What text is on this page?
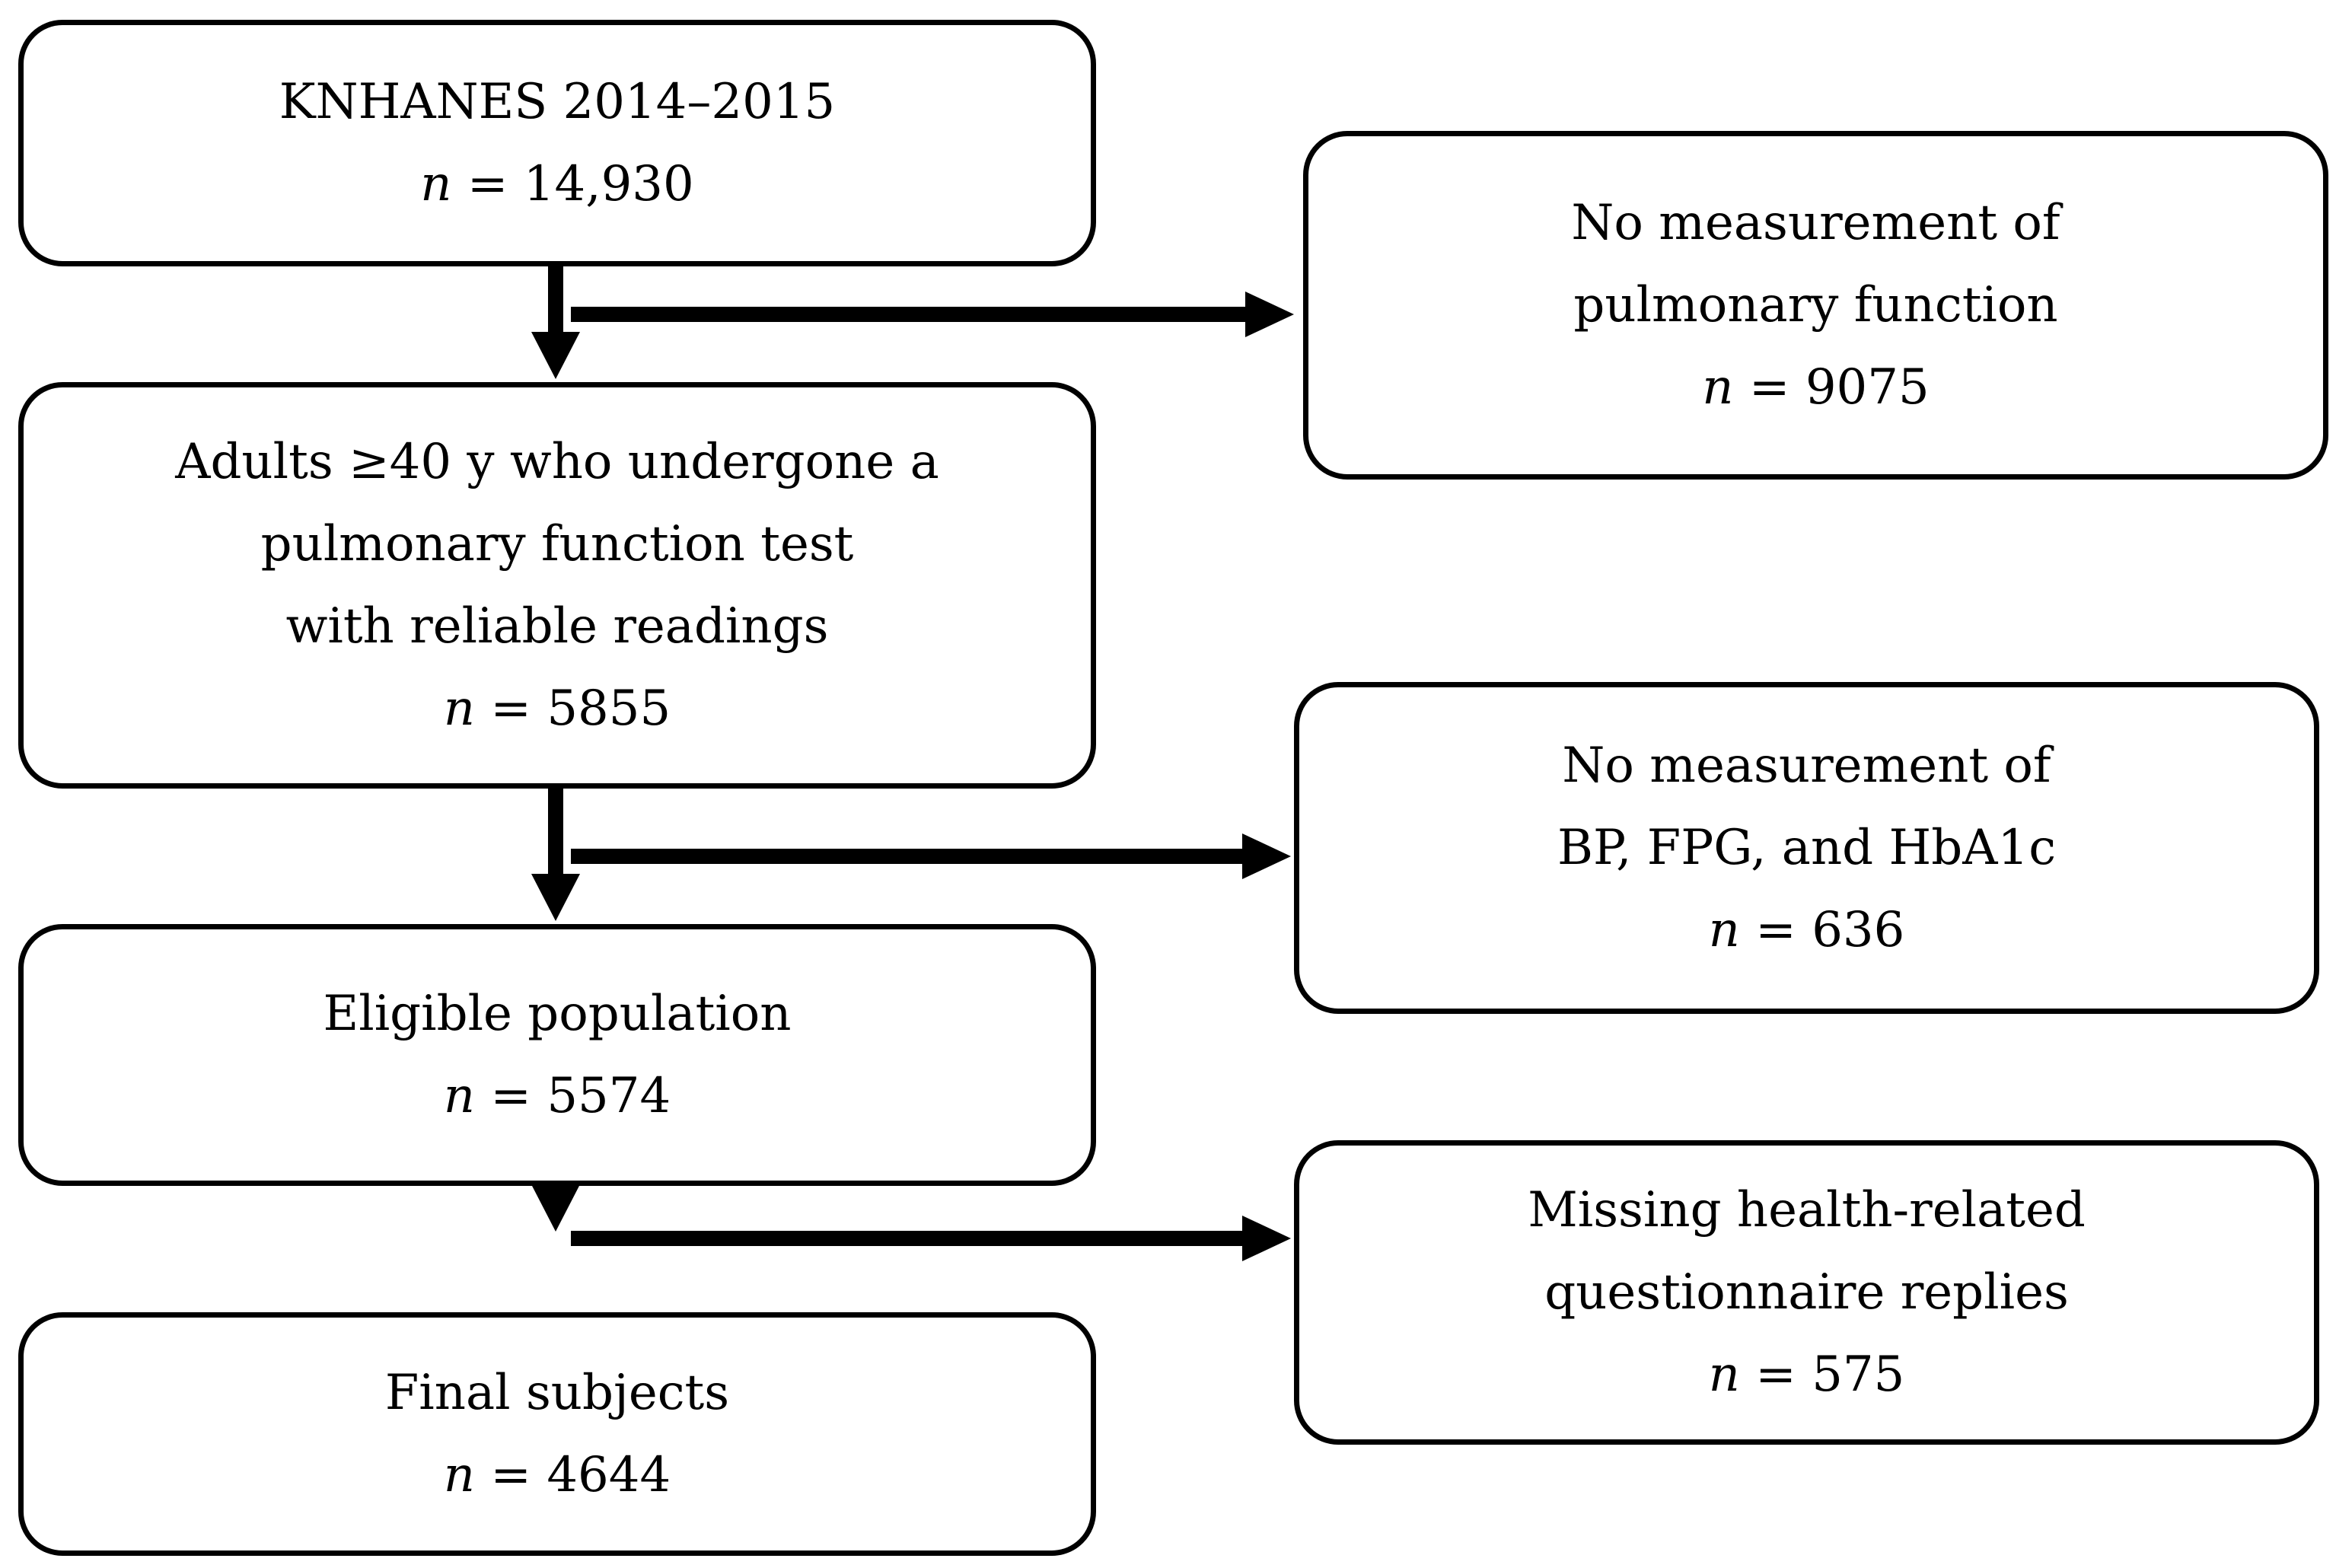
KNHANES 2014–2015
n = 14,930
Adults ≥40 y who undergone a
pulmonary function test
with reliable readings
n = 5855
Eligible population
n = 5574
Final subjects
n = 4644
No measurement of
pulmonary function
n = 9075
No measurement of
BP, FPG, and HbA1c
n = 636
Missing health-related
questionnaire replies
n = 575
